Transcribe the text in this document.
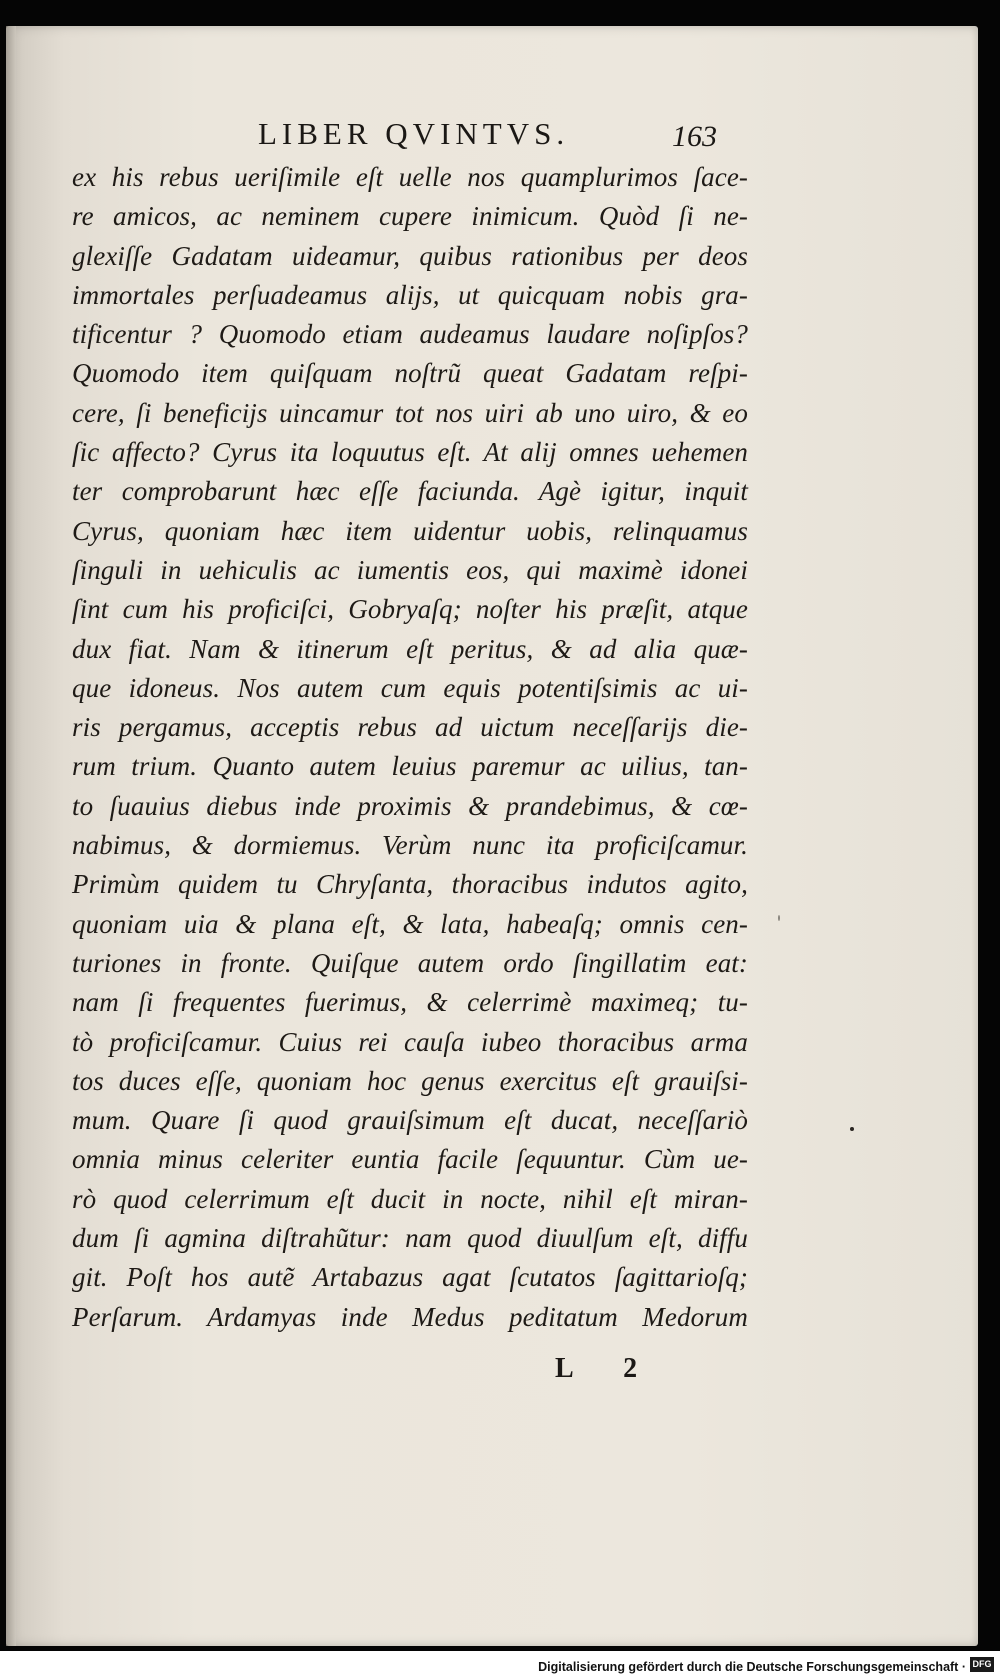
LIBER QVINTVS.	163
ex his rebus ueriſimile eſt uelle nos quamplurimos ſace-
re amicos, ac neminem cupere inimicum. Quòd ſi ne-
glexiſſe Gadatam uideamur, quibus rationibus per deos
immortales perſuadeamus alijs, ut quicquam nobis gra-
tificentur ? Quomodo etiam audeamus laudare noſipſos?
Quomodo item quiſquam noſtrũ queat Gadatam reſpi-
cere, ſi beneficijs uincamur tot nos uiri ab uno uiro, & eo
ſic affecto? Cyrus ita loquutus eſt. At alij omnes uehemen
ter comprobarunt hæc eſſe faciunda. Agè igitur, inquit
Cyrus, quoniam hæc item uidentur uobis, relinquamus
ſinguli in uehiculis ac iumentis eos, qui maximè idonei
ſint cum his proficiſci, Gobryaſq; noſter his præſit, atque
dux fiat. Nam & itinerum eſt peritus, & ad alia quæ-
que idoneus. Nos autem cum equis potentiſsimis ac ui-
ris pergamus, acceptis rebus ad uictum neceſſarijs die-
rum trium. Quanto autem leuius paremur ac uilius, tan-
to ſuauius diebus inde proximis & prandebimus, & cœ-
nabimus, & dormiemus. Verùm nunc ita proficiſcamur.
Primùm quidem tu Chryſanta, thoracibus indutos agito,
quoniam uia & plana eſt, & lata, habeaſq; omnis cen-
turiones in fronte. Quiſque autem ordo ſingillatim eat:
nam ſi frequentes fuerimus, & celerrimè maximeq; tu-
tò proficiſcamur. Cuius rei cauſa iubeo thoracibus arma
tos duces eſſe, quoniam hoc genus exercitus eſt grauiſsi-
mum. Quare ſi quod grauiſsimum eſt ducat, neceſſariò
omnia minus celeriter euntia facile ſequuntur. Cùm ue-
rò quod celerrimum eſt ducit in nocte, nihil eſt miran-
dum ſi agmina diſtrahũtur: nam quod diuulſum eſt, diffu
git. Poſt hos autẽ Artabazus agat ſcutatos ſagittarioſq;
Perſarum. Ardamyas inde Medus peditatum Medorum
L 2
Digitalisierung gefördert durch die Deutsche Forschungsgemeinschaft · DFG
